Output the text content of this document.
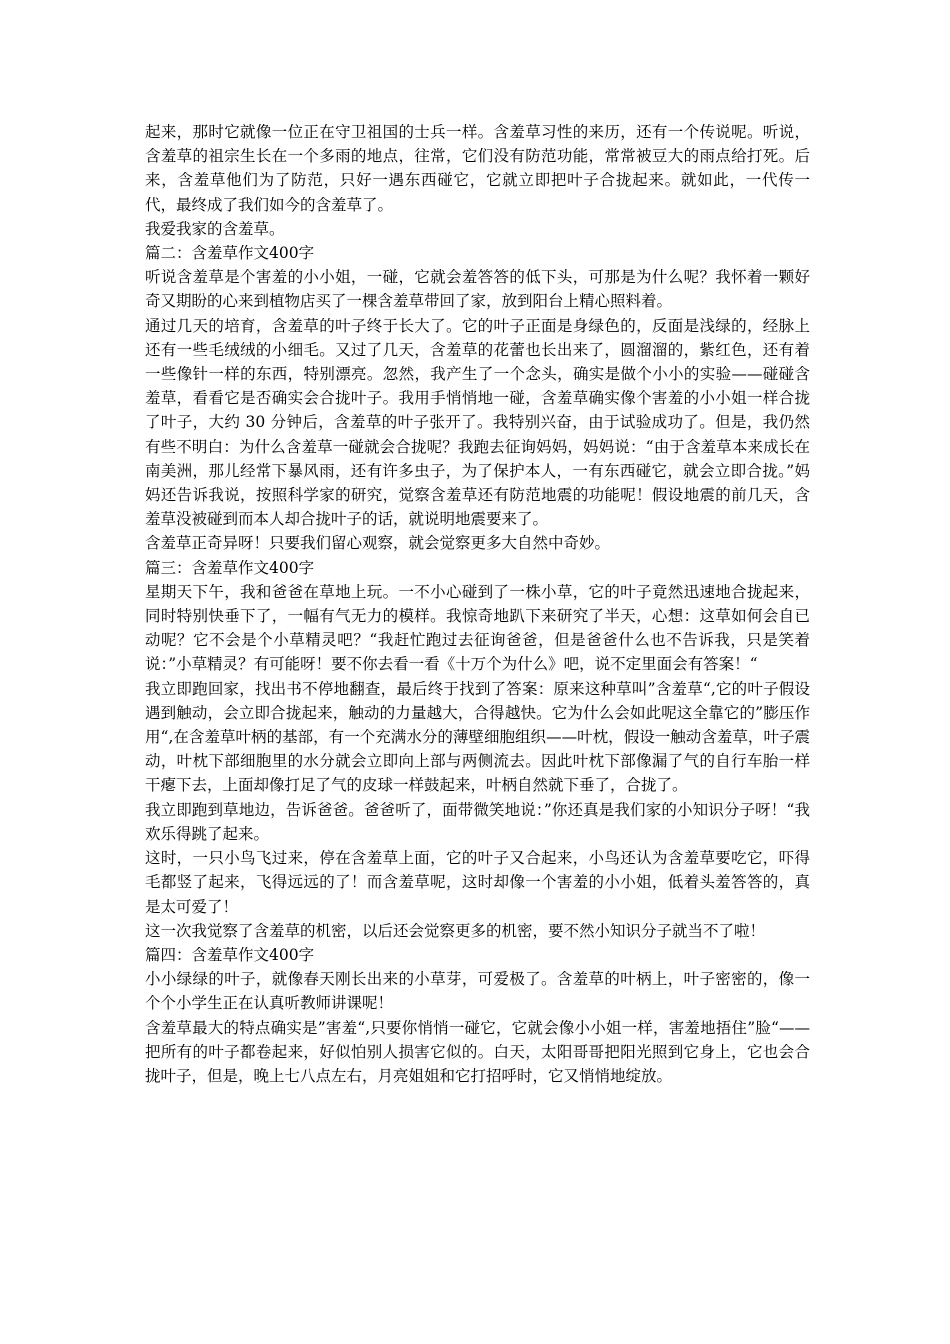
起来，那时它就像一位正在守卫祖国的士兵一样。含羞草习性的来历，还有一个传说呢。听说，含羞草的祖宗生长在一个多雨的地点，往常，它们没有防范功能，常常被豆大的雨点给打死。后来，含羞草他们为了防范，只好一遇东西碰它，它就立即把叶子合拢起来。就如此，一代传一代，最终成了我们如今的含羞草了。

我爱我家的含羞草。

篇二：含羞草作文400字

听说含羞草是个害羞的小小姐，一碰，它就会羞答答的低下头，可那是为什么呢？我怀着一颗好奇又期盼的心来到植物店买了一棵含羞草带回了家，放到阳台上精心照料着。

通过几天的培育，含羞草的叶子终于长大了。它的叶子正面是身绿色的，反面是浅绿的，经脉上还有一些毛绒绒的小细毛。又过了几天，含羞草的花蕾也长出来了，圆溜溜的，紫红色，还有着一些像针一样的东西，特别漂亮。忽然，我产生了一个念头，确实是做个小小的实验——碰碰含羞草，看看它是否确实会合拢叶子。我用手悄悄地一碰，含羞草确实像个害羞的小小姐一样合拢了叶子，大约 30 分钟后，含羞草的叶子张开了。我特别兴奋，由于试验成功了。但是，我仍然有些不明白：为什么含羞草一碰就会合拢呢？我跑去征询妈妈，妈妈说：“由于含羞草本来成长在南美洲，那儿经常下暴风雨，还有许多虫子，为了保护本人，一有东西碰它，就会立即合拢。”妈妈还告诉我说，按照科学家的研究，觉察含羞草还有防范地震的功能呢！假设地震的前几天，含羞草没被碰到而本人却合拢叶子的话，就说明地震要来了。

含羞草正奇异呀！只要我们留心观察，就会觉察更多大自然中奇妙。

篇三：含羞草作文400字

星期天下午，我和爸爸在草地上玩。一不小心碰到了一株小草，它的叶子竟然迅速地合拢起来，同时特别快垂下了，一幅有气无力的模样。我惊奇地趴下来研究了半天，心想：这草如何会自已动呢？它不会是个小草精灵吧？“我赶忙跑过去征询爸爸，但是爸爸什么也不告诉我，只是笑着说：”小草精灵？有可能呀！要不你去看一看《十万个为什么》吧，说不定里面会有答案！“

我立即跑回家，找出书不停地翻查，最后终于找到了答案：原来这种草叫”含羞草“,它的叶子假设遇到触动，会立即合拢起来，触动的力量越大，合得越快。它为什么会如此呢这全靠它的”膨压作用“,在含羞草叶柄的基部，有一个充满水分的薄壁细胞组织——叶枕，假设一触动含羞草，叶子震动，叶枕下部细胞里的水分就会立即向上部与两侧流去。因此叶枕下部像漏了气的自行车胎一样干瘪下去，上面却像打足了气的皮球一样鼓起来，叶柄自然就下垂了，合拢了。

我立即跑到草地边，告诉爸爸。爸爸听了，面带微笑地说：”你还真是我们家的小知识分子呀！“我欢乐得跳了起来。

这时，一只小鸟飞过来，停在含羞草上面，它的叶子又合起来，小鸟还认为含羞草要吃它，吓得毛都竖了起来，飞得远远的了！而含羞草呢，这时却像一个害羞的小小姐，低着头羞答答的，真是太可爱了！

这一次我觉察了含羞草的机密，以后还会觉察更多的机密，要不然小知识分子就当不了啦！

篇四：含羞草作文400字

小小绿绿的叶子，就像春天刚长出来的小草芽，可爱极了。含羞草的叶柄上，叶子密密的，像一个个小学生正在认真听教师讲课呢！

含羞草最大的特点确实是”害羞“,只要你悄悄一碰它，它就会像小小姐一样，害羞地捂住”脸“——把所有的叶子都卷起来，好似怕别人损害它似的。白天，太阳哥哥把阳光照到它身上，它也会合拢叶子，但是，晚上七八点左右，月亮姐姐和它打招呼时，它又悄悄地绽放。
